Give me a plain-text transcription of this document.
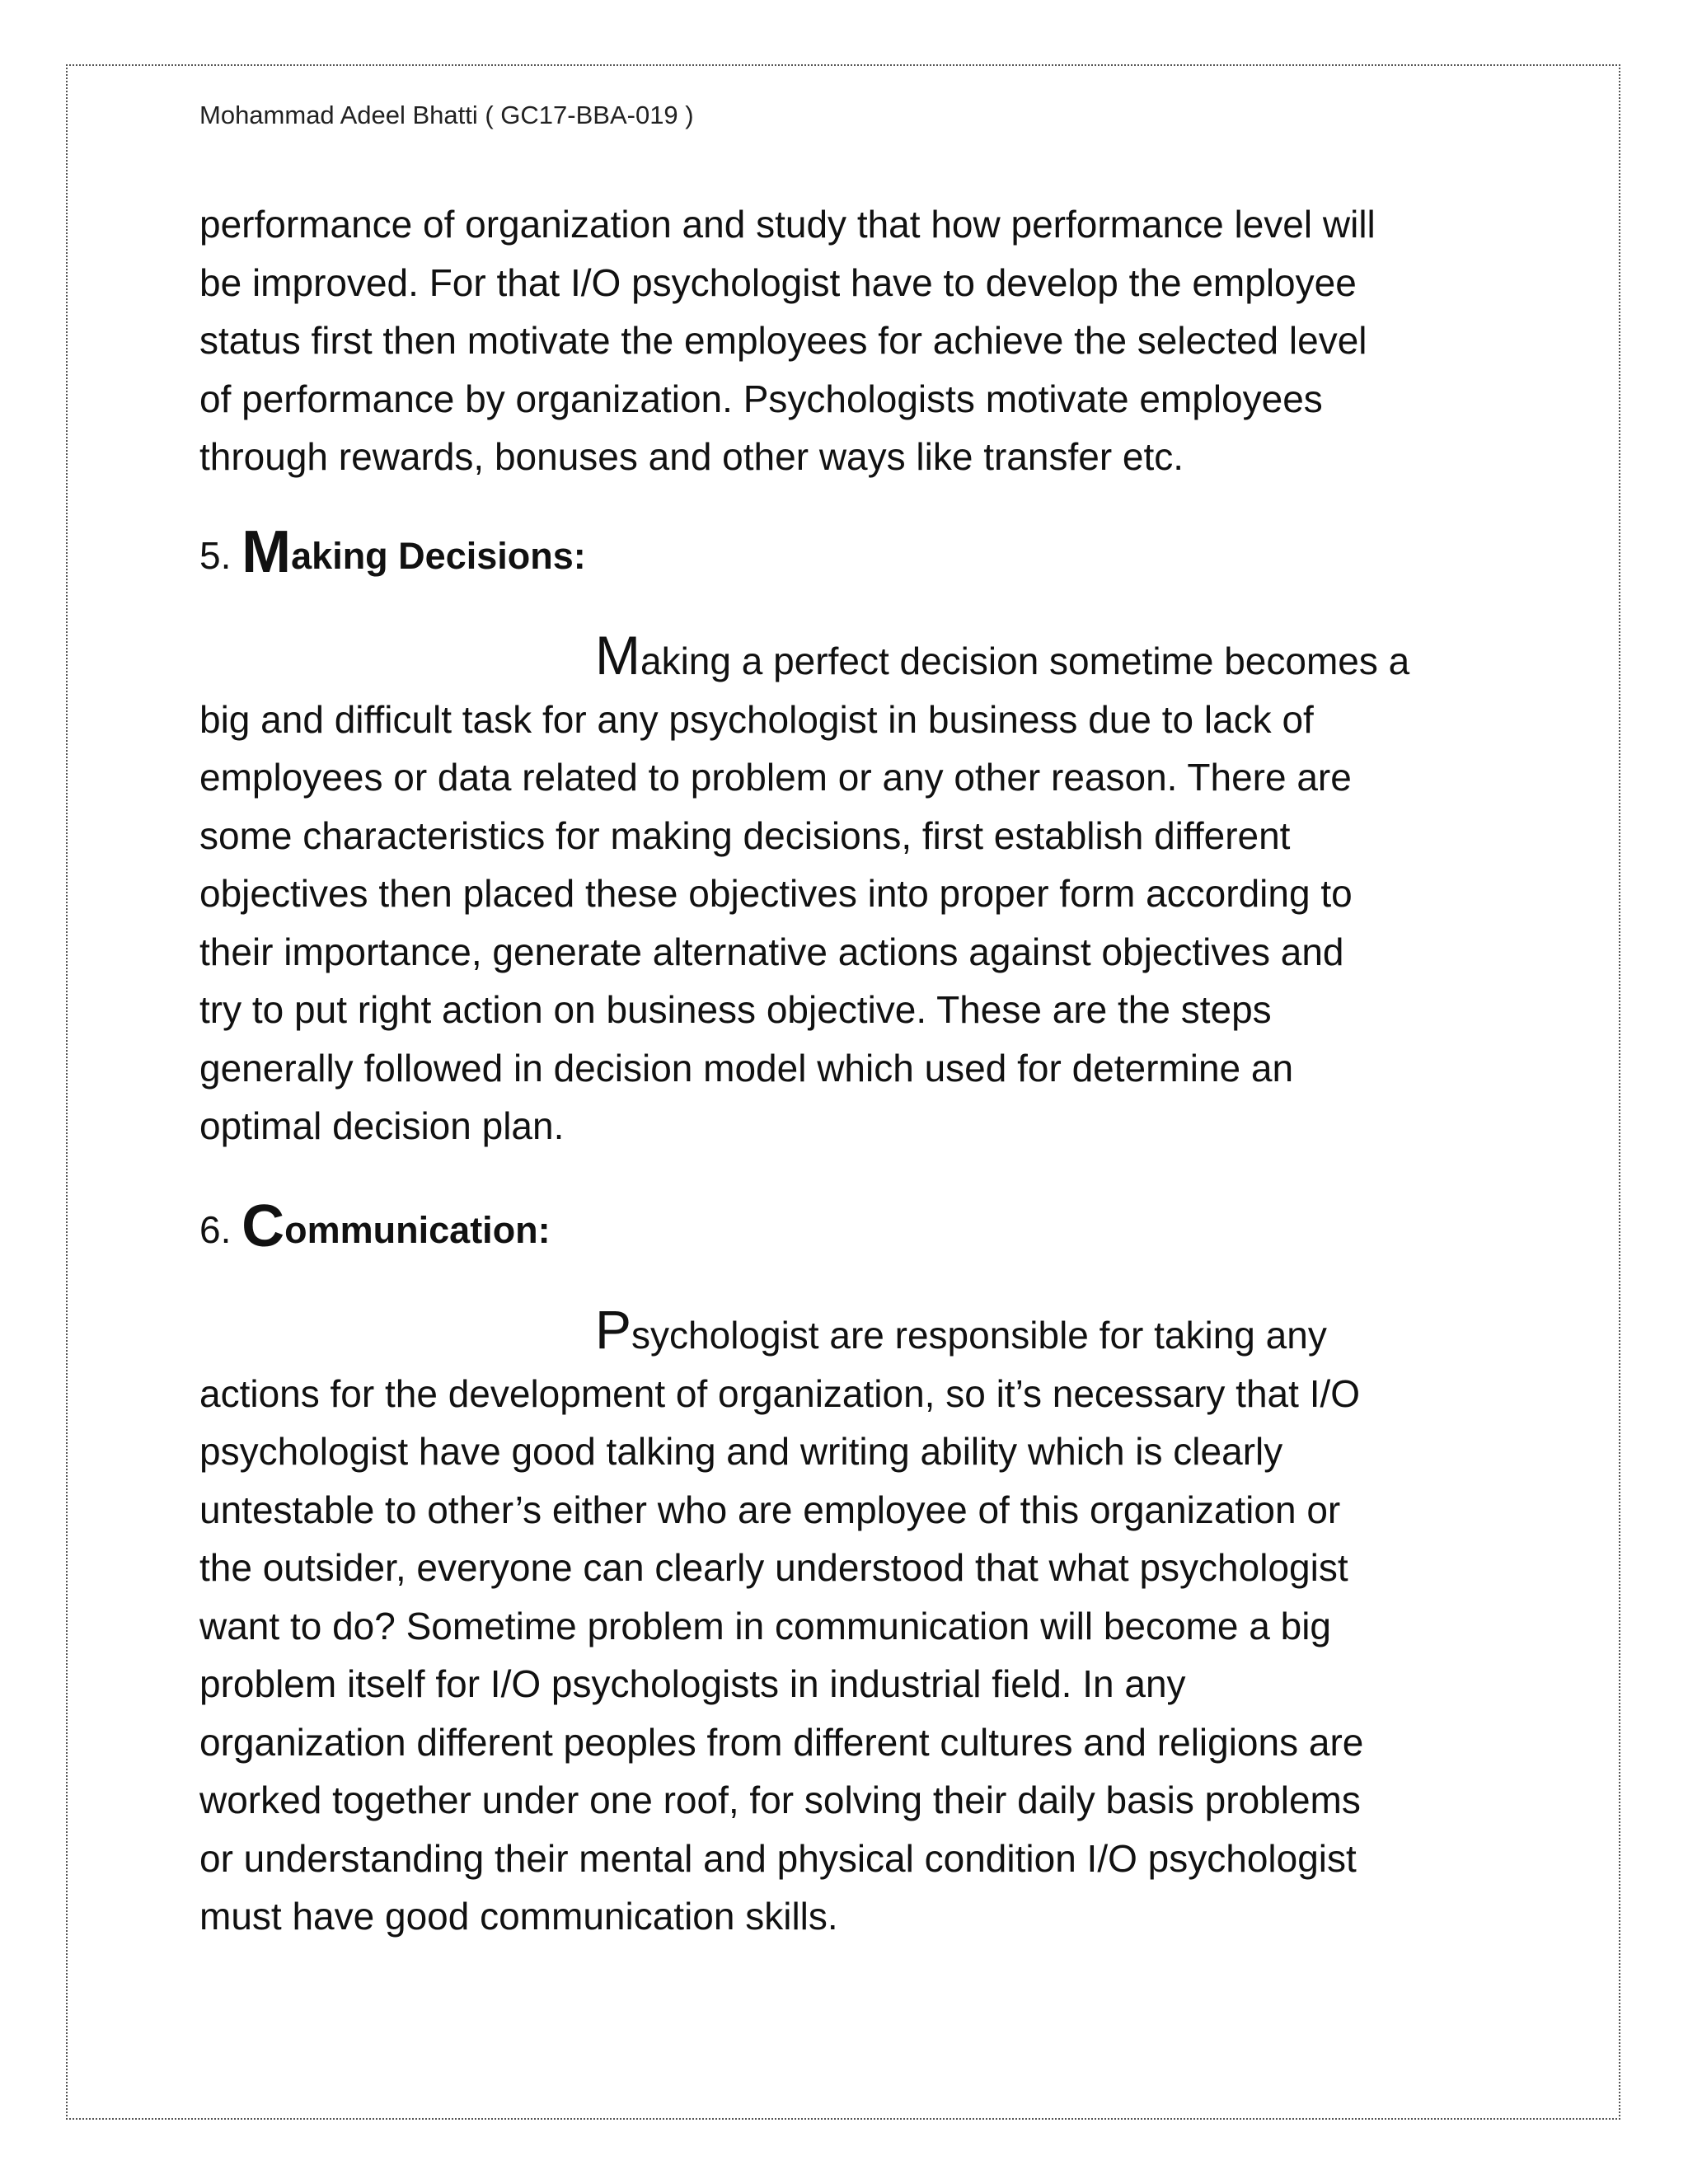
Mohammad Adeel Bhatti ( GC17-BBA-019 )
performance of organization and study that how performance level will
be improved. For that I/O psychologist have to develop the employee
status first then motivate the employees for achieve the selected level
of performance by organization. Psychologists motivate employees
through rewards, bonuses and other ways like transfer etc.
5. Making Decisions:
Making a perfect decision sometime becomes a
big and difficult task for any psychologist in business due to lack of
employees or data related to problem or any other reason. There are
some characteristics for making decisions, first establish different
objectives then placed these objectives into proper form according to
their importance, generate alternative actions against objectives and
try to put right action on business objective. These are the steps
generally followed in decision model which used for determine an
optimal decision plan.
6. Communication:
Psychologist are responsible for taking any
actions for the development of organization, so it’s necessary that I/O
psychologist have good talking and writing ability which is clearly
untestable to other’s either who are employee of this organization or
the outsider, everyone can clearly understood that what psychologist
want to do? Sometime problem in communication will become a big
problem itself for I/O psychologists in industrial field. In any
organization different peoples from different cultures and religions are
worked together under one roof, for solving their daily basis problems
or understanding their mental and physical condition I/O psychologist
must have good communication skills.
